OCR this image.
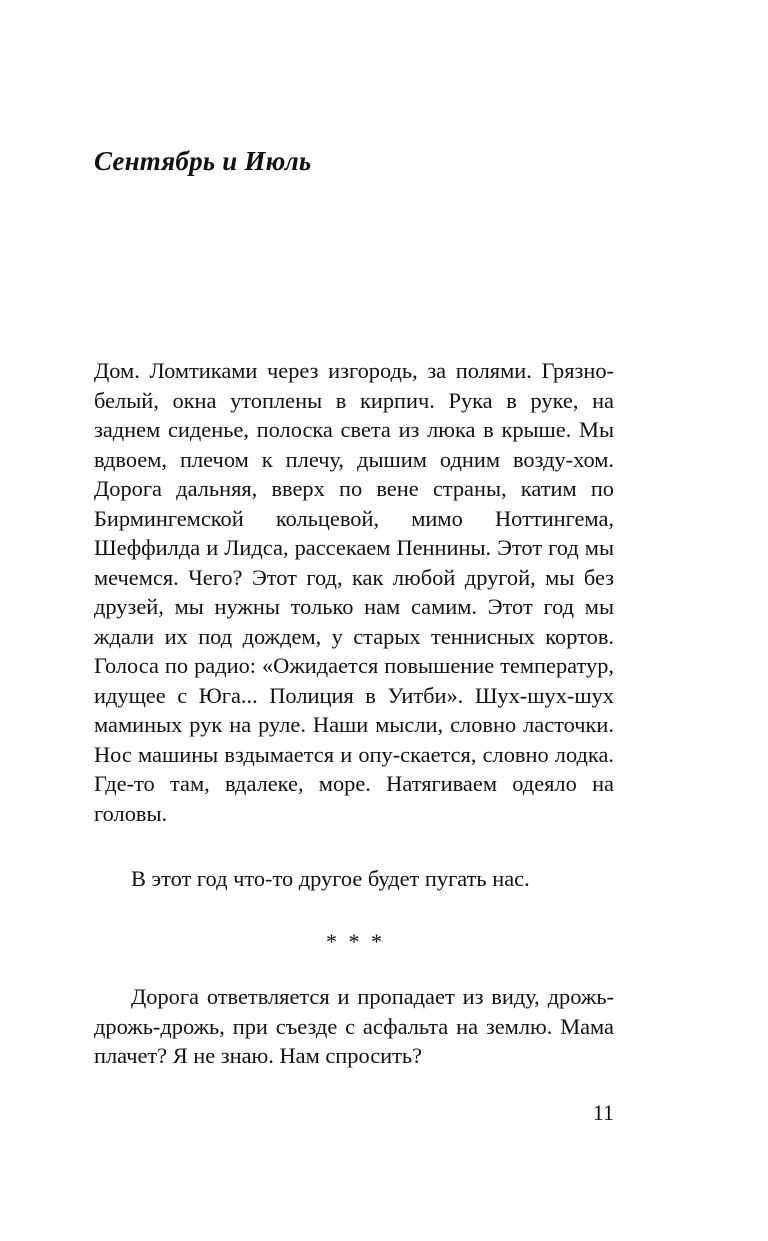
Сентябрь и Июль

Дом. Ломтиками через изгородь, за полями. Грязно-белый, окна утоплены в кирпич. Рука в руке, на заднем сиденье, полоска света из люка в крыше. Мы вдвоем, плечом к плечу, дышим одним возду-хом. Дорога дальняя, вверх по вене страны, катим по Бирмингемской кольцевой, мимо Ноттингема, Шеффилда и Лидса, рассекаем Пеннины. Этот год мы мечемся. Чего? Этот год, как любой другой, мы без друзей, мы нужны только нам самим. Этот год мы ждали их под дождем, у старых теннисных кортов. Голоса по радио: «Ожидается повышение температур, идущее с Юга... Полиция в Уитби». Шух-шух-шух маминых рук на руле. Наши мысли, словно ласточки. Нос машины вздымается и опу-скается, словно лодка. Где-то там, вдалеке, море. Натягиваем одеяло на головы.

В этот год что-то другое будет пугать нас.

* * *

Дорога ответвляется и пропадает из виду, дрожь-дрожь-дрожь, при съезде с асфальта на землю. Мама плачет? Я не знаю. Нам спросить?

11
